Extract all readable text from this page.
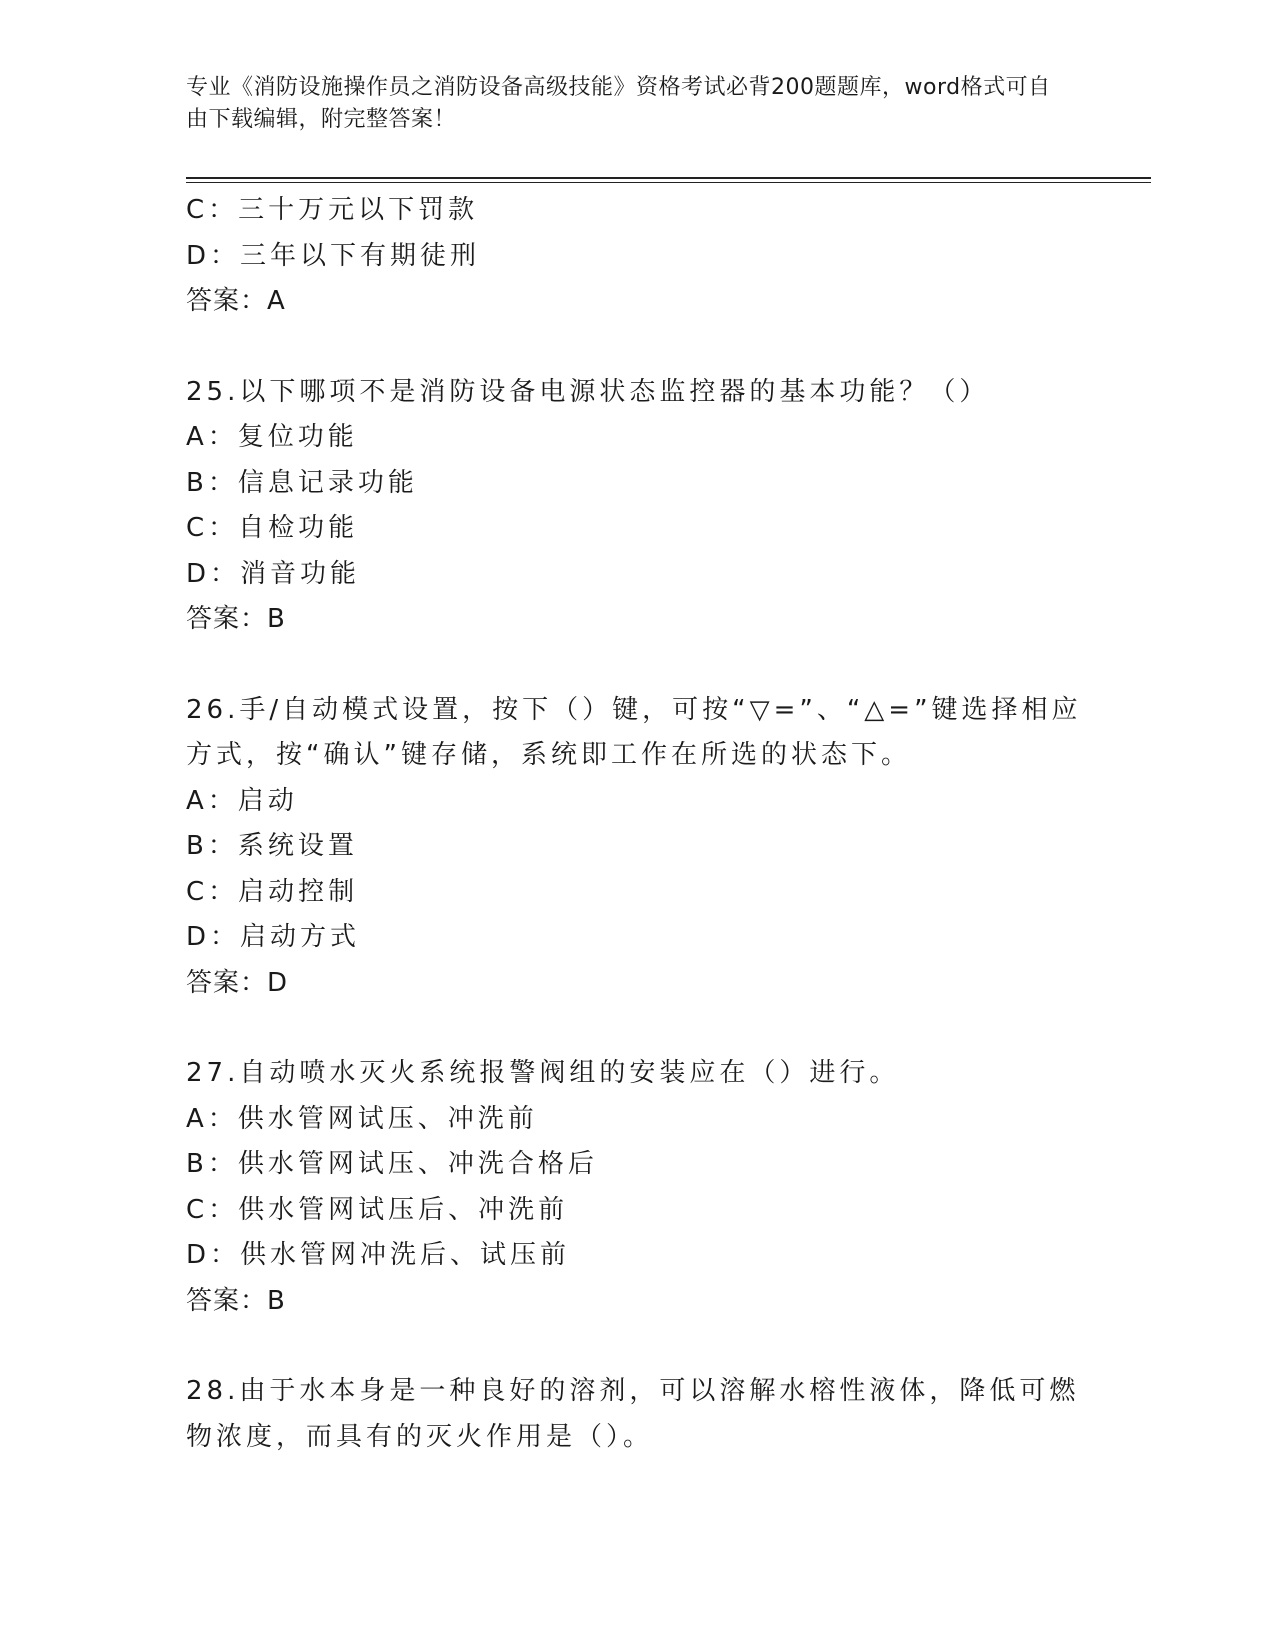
专业《消防设施操作员之消防设备高级技能》资格考试必背200题题库，word格式可自由下载编辑，附完整答案！
C：三十万元以下罚款
D：三年以下有期徒刑
答案：A
25.以下哪项不是消防设备电源状态监控器的基本功能？（）
A：复位功能
B：信息记录功能
C：自检功能
D：消音功能
答案：B
26.手/自动模式设置，按下（）键，可按“▽=”、“△=”键选择相应方式，按“确认”键存储，系统即工作在所选的状态下。
A：启动
B：系统设置
C：启动控制
D：启动方式
答案：D
27.自动喷水灭火系统报警阀组的安装应在（）进行。
A：供水管网试压、冲洗前
B：供水管网试压、冲洗合格后
C：供水管网试压后、冲洗前
D：供水管网冲洗后、试压前
答案：B
28.由于水本身是一种良好的溶剂，可以溶解水榕性液体，降低可燃物浓度，而具有的灭火作用是（）。
